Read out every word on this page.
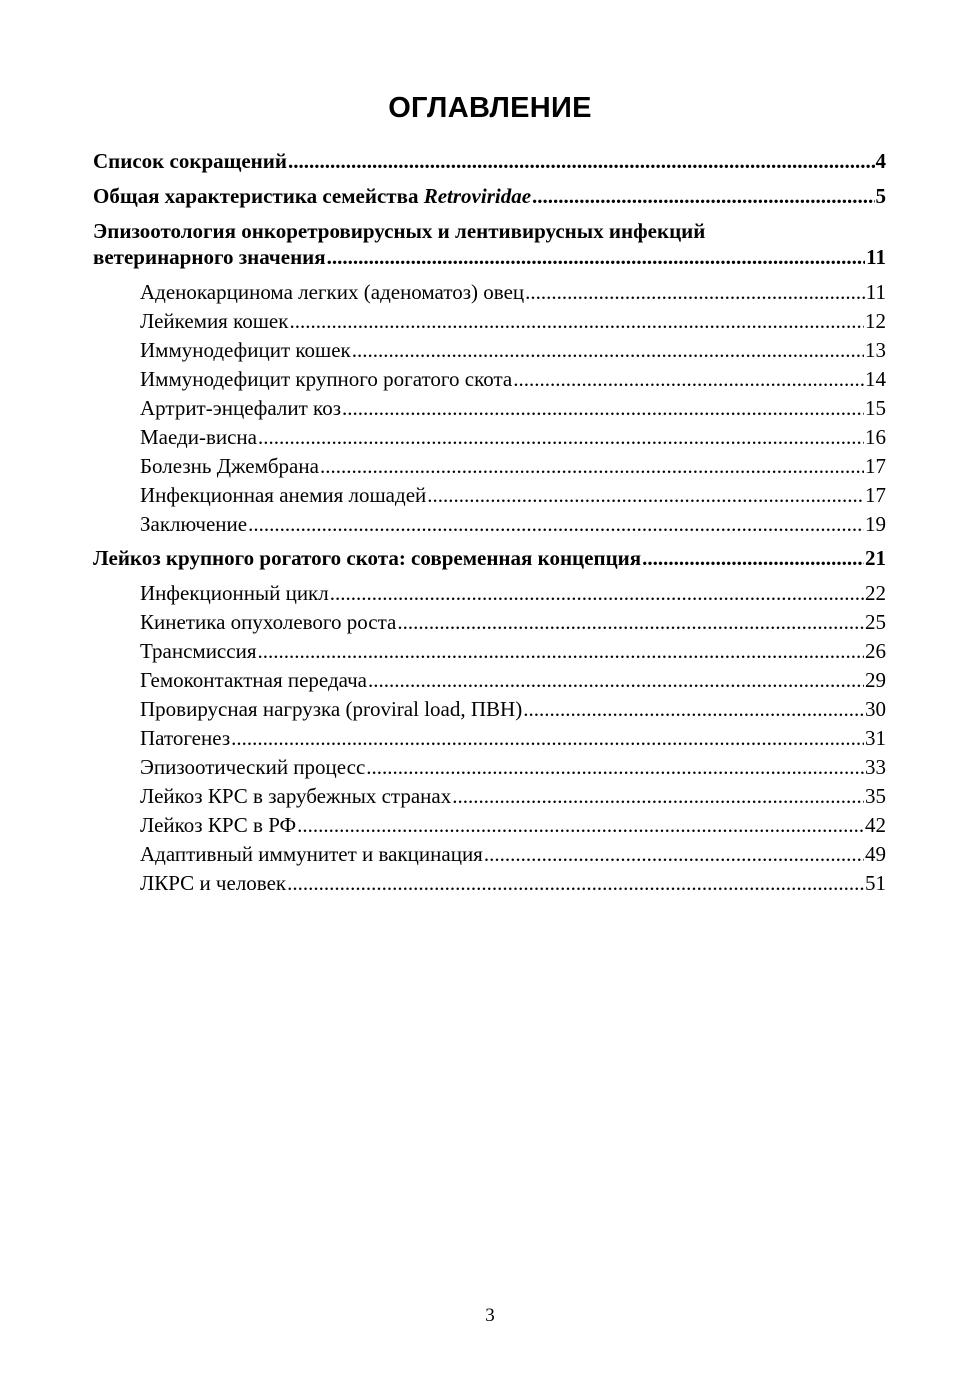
ОГЛАВЛЕНИЕ
Список сокращений .....	4
Общая характеристика семейства Retroviridae .....	5
Эпизоотология онкоретровирусных и лентивирусных инфекций
ветеринарного значения .....	11
Аденокарцинома легких (аденоматоз) овец .....	11
Лейкемия кошек .....	12
Иммунодефицит кошек .....	13
Иммунодефицит крупного рогатого скота .....	14
Артрит-энцефалит коз .....	15
Маеди-висна .....	16
Болезнь Джембрана .....	17
Инфекционная анемия лошадей .....	17
Заключение .....	19
Лейкоз крупного рогатого скота: современная концепция .....	21
Инфекционный цикл .....	22
Кинетика опухолевого роста .....	25
Трансмиссия .....	26
Гемоконтактная передача .....	29
Провирусная нагрузка (proviral load, ПВН) .....	30
Патогенез .....	31
Эпизоотический процесс .....	33
Лейкоз КРС в зарубежных странах .....	35
Лейкоз КРС в РФ .....	42
Адаптивный иммунитет и вакцинация .....	49
ЛКРС и человек .....	51
3
